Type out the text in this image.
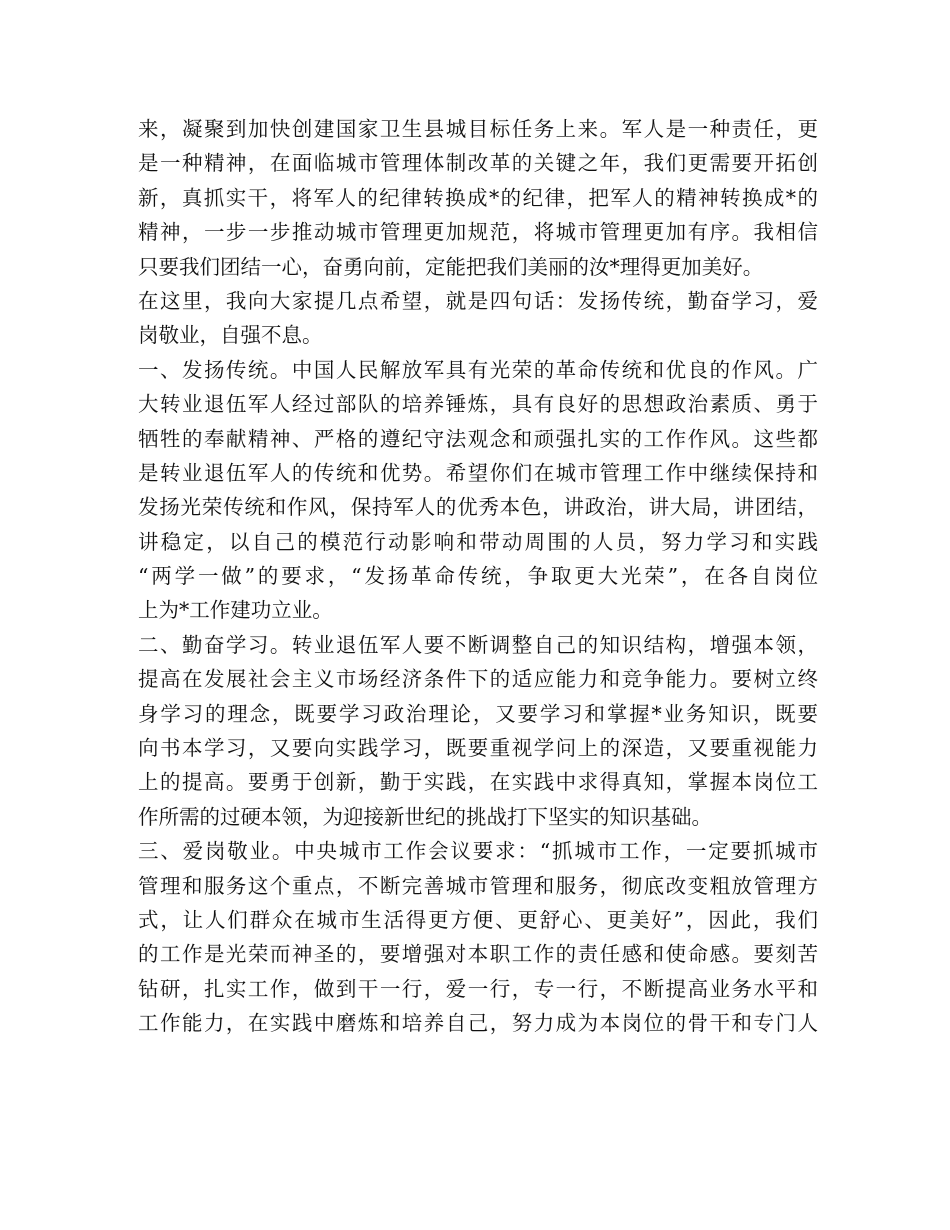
来，凝聚到加快创建国家卫生县城目标任务上来。军人是一种责任，更
是一种精神，在面临城市管理体制改革的关键之年，我们更需要开拓创
新，真抓实干，将军人的纪律转换成*的纪律，把军人的精神转换成*的
精神，一步一步推动城市管理更加规范，将城市管理更加有序。我相信
只要我们团结一心，奋勇向前，定能把我们美丽的汝*理得更加美好。
在这里，我向大家提几点希望，就是四句话：发扬传统，勤奋学习，爱
岗敬业，自强不息。
一、发扬传统。中国人民解放军具有光荣的革命传统和优良的作风。广
大转业退伍军人经过部队的培养锤炼，具有良好的思想政治素质、勇于
牺牲的奉献精神、严格的遵纪守法观念和顽强扎实的工作作风。这些都
是转业退伍军人的传统和优势。希望你们在城市管理工作中继续保持和
发扬光荣传统和作风，保持军人的优秀本色，讲政治，讲大局，讲团结，
讲稳定，以自己的模范行动影响和带动周围的人员，努力学习和实践
“两学一做”的要求，“发扬革命传统，争取更大光荣”，在各自岗位
上为*工作建功立业。
二、勤奋学习。转业退伍军人要不断调整自己的知识结构，增强本领，
提高在发展社会主义市场经济条件下的适应能力和竞争能力。要树立终
身学习的理念，既要学习政治理论，又要学习和掌握*业务知识，既要
向书本学习，又要向实践学习，既要重视学问上的深造，又要重视能力
上的提高。要勇于创新，勤于实践，在实践中求得真知，掌握本岗位工
作所需的过硬本领，为迎接新世纪的挑战打下坚实的知识基础。
三、爱岗敬业。中央城市工作会议要求：“抓城市工作，一定要抓城市
管理和服务这个重点，不断完善城市管理和服务，彻底改变粗放管理方
式，让人们群众在城市生活得更方便、更舒心、更美好”，因此，我们
的工作是光荣而神圣的，要增强对本职工作的责任感和使命感。要刻苦
钻研，扎实工作，做到干一行，爱一行，专一行，不断提高业务水平和
工作能力，在实践中磨炼和培养自己，努力成为本岗位的骨干和专门人
